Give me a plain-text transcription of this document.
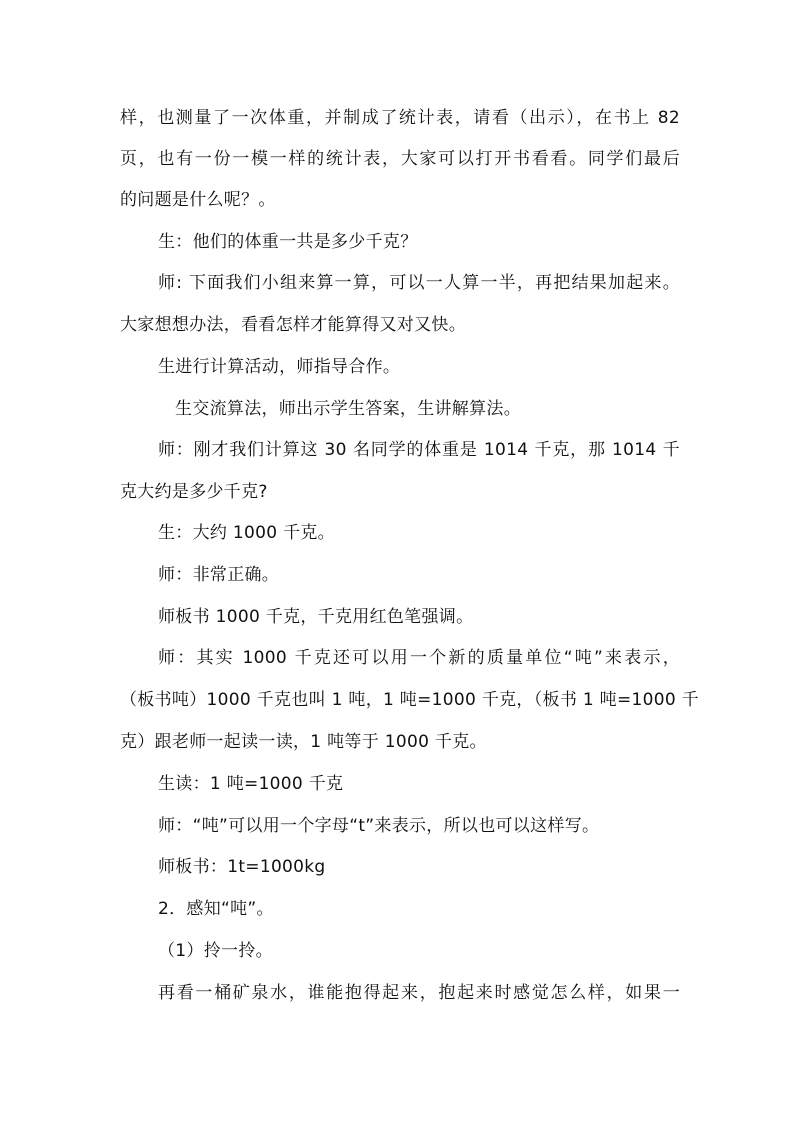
样，也测量了一次体重，并制成了统计表，请看（出示），在书上 82
页，也有一份一模一样的统计表，大家可以打开书看看。同学们最后
的问题是什么呢？。
生：他们的体重一共是多少千克？
师: 下面我们小组来算一算，可以一人算一半，再把结果加起来。
大家想想办法，看看怎样才能算得又对又快。
生进行计算活动，师指导合作。
生交流算法，师出示学生答案，生讲解算法。
师：刚才我们计算这 30 名同学的体重是 1014 千克，那 1014 千
克大约是多少千克?
生：大约 1000 千克。
师：非常正确。
师板书 1000 千克，千克用红色笔强调。
师：其实 1000 千克还可以用一个新的质量单位“吨”来表示，
（板书吨）1000 千克也叫 1 吨，1 吨=1000 千克，（板书 1 吨=1000 千
克）跟老师一起读一读，1 吨等于 1000 千克。
生读：1 吨=1000 千克
师：“吨”可以用一个字母“t”来表示，所以也可以这样写。
师板书：1t=1000kg
2．感知“吨”。
（1）拎一拎。
再看一桶矿泉水，谁能抱得起来，抱起来时感觉怎么样，如果一
